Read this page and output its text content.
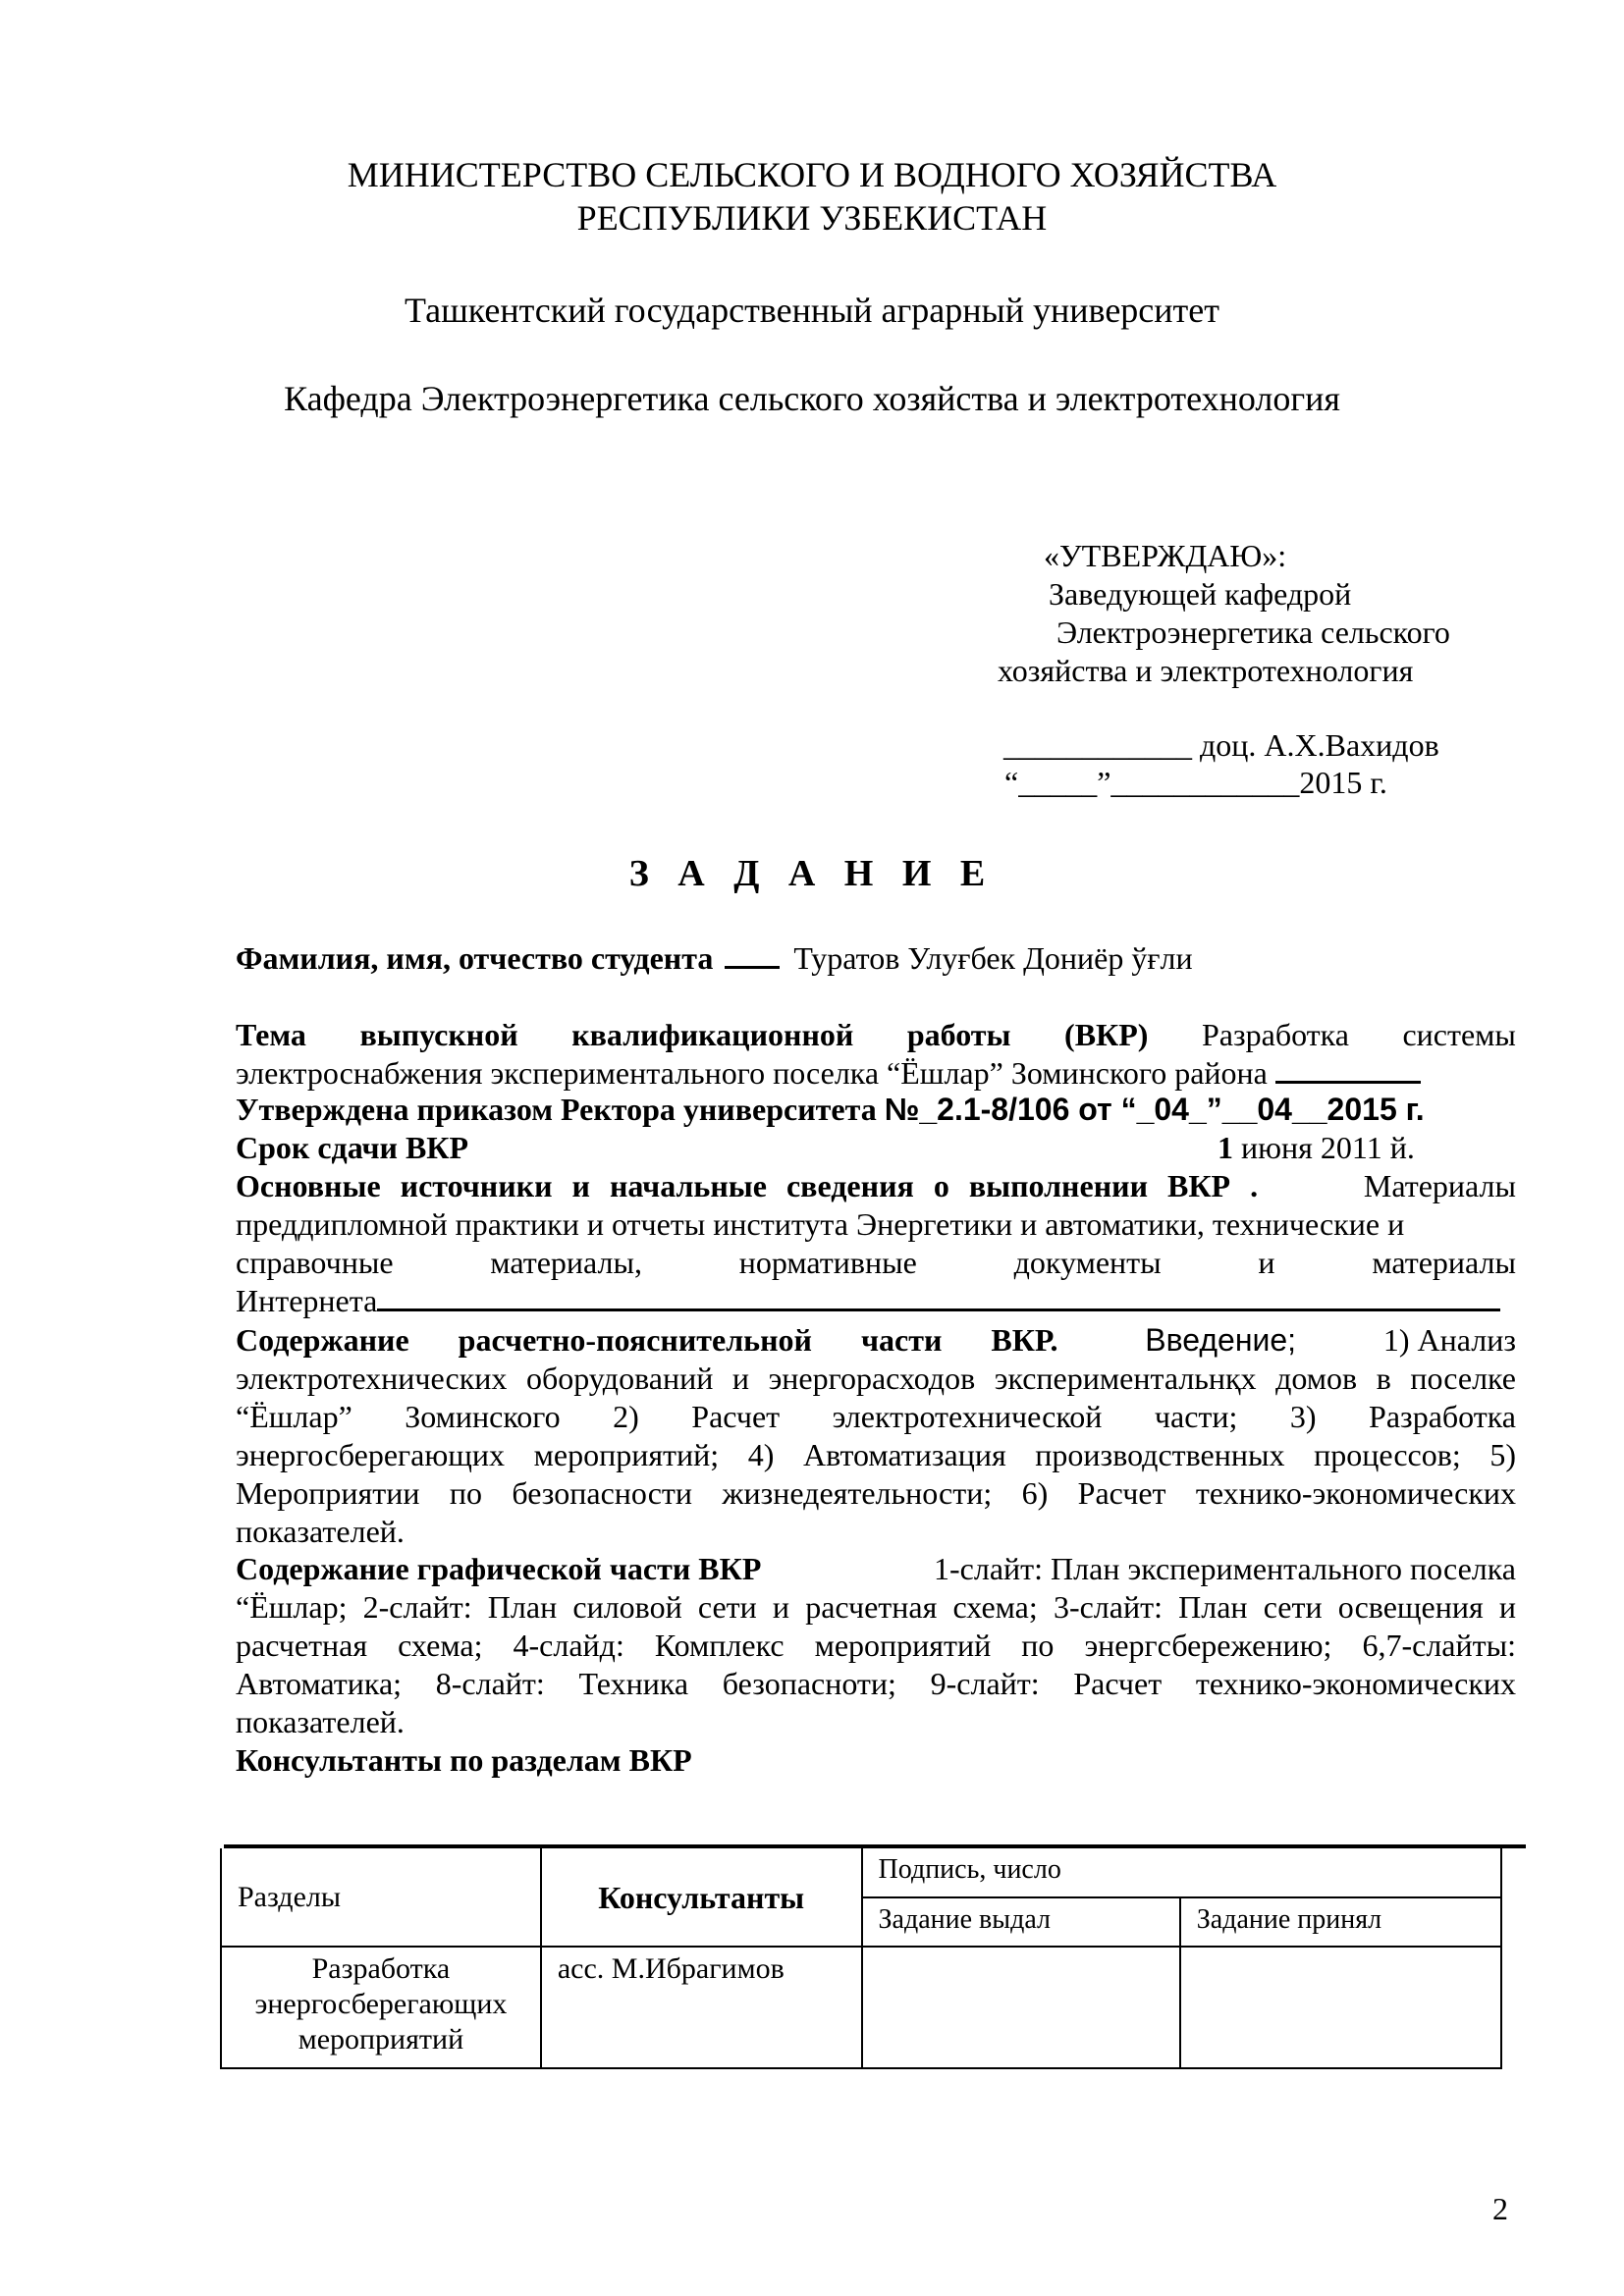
МИНИСТЕРСТВО СЕЛЬСКОГО И ВОДНОГО ХОЗЯЙСТВА
РЕСПУБЛИКИ УЗБЕКИСТАН
Ташкентский государственный аграрный университет
Кафедра Электроэнергетика сельского хозяйства и электротехнология
«УТВЕРЖДАЮ»:
Заведующей кафедрой
Электроэнергетика сельского
хозяйства и электротехнология
____________ доц. А.Х.Вахидов
“_____”____________2015 г.
З А Д А Н И Е
Фамилия, имя, отчество студента	Туратов Улуғбек Дониёр ўғли
Тема выпускной квалификационной работы (ВКР) Разработка системы
электроснабжения экспериментального поселка “Ёшлар” Зоминского района
Утверждена приказом Ректора университета №_2.1-8/106 от “_04_”__04__2015 г.
Срок сдачи ВКР	1 июня 2011 й.
Основные источники и начальные сведения о выполнении ВКР .	Материалы
преддипломной практики и отчеты института Энергетики и автоматики, технические и
справочные	материалы,	нормативные	документы	и	материалы
Интернета
Содержание расчетно-пояснительной части ВКР.	Введение;	1) Анализ
электротехнических оборудований и энергорасходов экспериментальнқх домов в поселке
“Ёшлар” Зоминского 2) Расчет электротехнической части; 3) Разработка
энергосберегающих мероприятий; 4) Автоматизация производственных процессов; 5)
Мероприятии по безопасности жизнедеятельности; 6) Расчет технико-экономических
показателей.
Содержание графической части ВКР	1-слайт: План экспериментального поселка
“Ёшлар; 2-слайт: План силовой сети и расчетная схема; 3-слайт: План сети освещения и
расчетная схема; 4-слайд: Комплекс мероприятий по энергсбережению; 6,7-слайты:
Автоматика; 8-слайт: Техника безопасноти; 9-слайт: Расчет технико-экономических
показателей.
Консультанты по разделам ВКР
Разделы	Консультанты	Подпись, число	
		Задание выдал	Задание принял
Разработка энергосберегающих мероприятий	асс. М.Ибрагимов		
2
